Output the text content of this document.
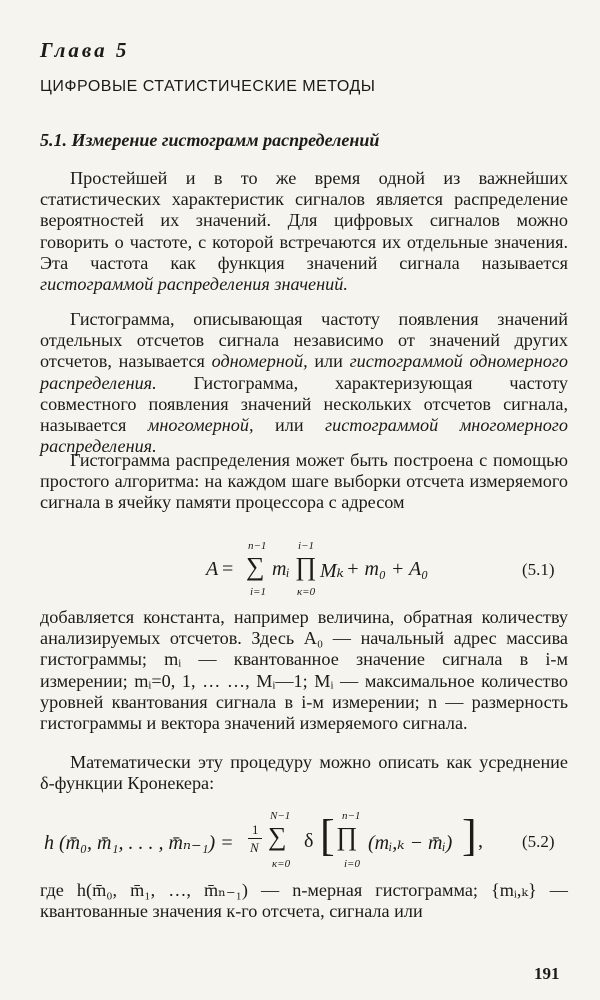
Глава 5
ЦИФРОВЫЕ СТАТИСТИЧЕСКИЕ МЕТОДЫ
5.1. Измерение гистограмм распределений

Простейшей и в то же время одной из важнейших статистических характеристик сигналов является распределение вероятностей их значений. Для цифровых сигналов можно говорить о частоте, с которой встречаются их отдельные значения. Эта частота как функция значений сигнала называется гистограммой распределения значений.

Гистограмма, описывающая частоту появления значений отдельных отсчетов сигнала независимо от значений других отсчетов, называется одномерной, или гистограммой одномерного распределения. Гистограмма, характеризующая частоту совместного появления значений нескольких отсчетов сигнала, называется многомерной, или гистограммой многомерного распределения.

Гистограмма распределения может быть построена с помощью простого алгоритма: на каждом шаге выборки отсчета измеряемого сигнала в ячейку памяти процессора с адресом

A =
n−1
∑
i=1
mᵢ
i−1
∏
к=0
Mₖ + m₀ + A₀	(5.1)

добавляется константа, например величина, обратная количеству анализируемых отсчетов. Здесь A₀ — начальный адрес массива гистограммы; mᵢ — квантованное значение сигнала в i-м измерении; mᵢ=0, 1, … …, Mᵢ—1; Mᵢ — максимальное количество уровней квантования сигнала в i-м измерении; n — размерность гистограммы и вектора значений измеряемого сигнала.

Математически эту процедуру можно описать как усреднение δ-функции Кронекера:

h (m̄₀, m̄₁, . . . , m̄ₙ₋₁) =
1
N
N−1
∑
к=0
δ [ n−1
∏
i=0
(mᵢ,ₖ − m̄ᵢ) ] , (5.2)

где h(m̄₀, m̄₁, …, m̄ₙ₋₁) — n-мерная гистограмма; {mᵢ,ₖ} — квантованные значения к-го отсчета, сигнала или

191
